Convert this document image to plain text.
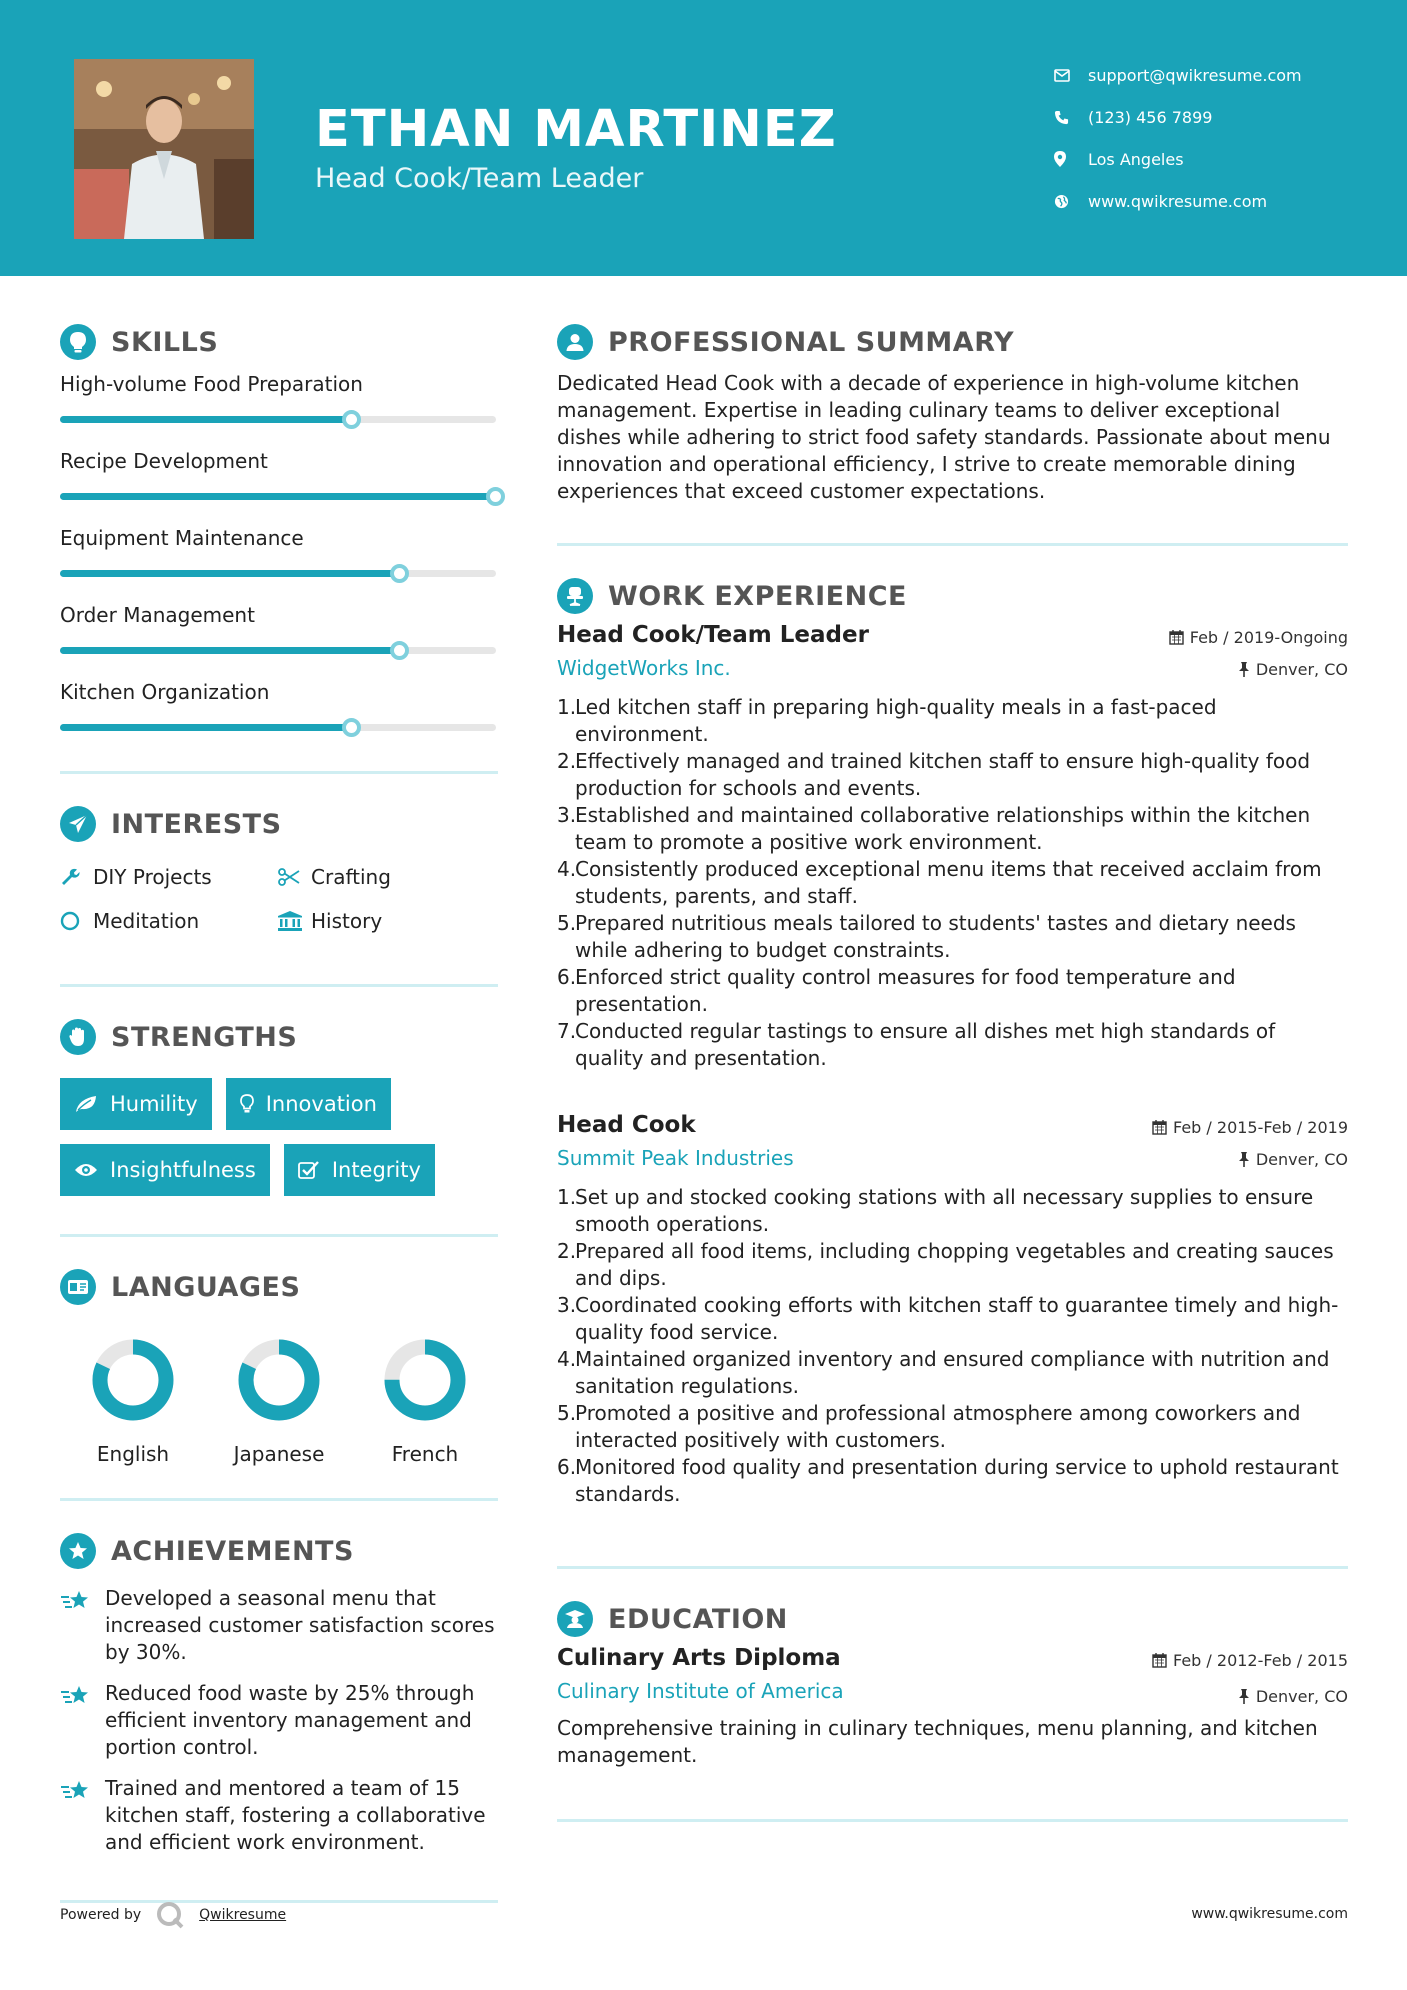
ETHAN MARTINEZ
Head Cook/Team Leader
support@qwikresume.com
(123) 456 7899
Los Angeles
www.qwikresume.com
SKILLS
High-volume Food Preparation
Recipe Development
Equipment Maintenance
Order Management
Kitchen Organization
INTERESTS
DIY Projects	Crafting
Meditation	History
STRENGTHS
Humility	Innovation
Insightfulness	Integrity
LANGUAGES
English	Japanese	French
ACHIEVEMENTS
Developed a seasonal menu that increased customer satisfaction scores by 30%.
Reduced food waste by 25% through efficient inventory management and portion control.
Trained and mentored a team of 15 kitchen staff, fostering a collaborative and efficient work environment.
PROFESSIONAL SUMMARY

Dedicated Head Cook with a decade of experience in high-volume kitchen management. Expertise in leading culinary teams to deliver exceptional dishes while adhering to strict food safety standards. Passionate about menu innovation and operational efficiency, I strive to create memorable dining experiences that exceed customer expectations.

WORK EXPERIENCE
Head Cook/Team Leader
WidgetWorks Inc.
Feb / 2019-Ongoing
Denver, CO
1.
Led kitchen staff in preparing high-quality meals in a fast-paced environment.
2.
Effectively managed and trained kitchen staff to ensure high-quality food production for schools and events.
3.
Established and maintained collaborative relationships within the kitchen team to promote a positive work environment.
4.
Consistently produced exceptional menu items that received acclaim from students, parents, and staff.
5.
Prepared nutritious meals tailored to students' tastes and dietary needs while adhering to budget constraints.
6.
Enforced strict quality control measures for food temperature and presentation.
7.
Conducted regular tastings to ensure all dishes met high standards of quality and presentation.
Head Cook
Summit Peak Industries
Feb / 2015-Feb / 2019
Denver, CO
1.
Set up and stocked cooking stations with all necessary supplies to ensure smooth operations.
2.
Prepared all food items, including chopping vegetables and creating sauces and dips.
3.
Coordinated cooking efforts with kitchen staff to guarantee timely and high-quality food service.
4.
Maintained organized inventory and ensured compliance with nutrition and sanitation regulations.
5.
Promoted a positive and professional atmosphere among coworkers and interacted positively with customers.
6.
Monitored food quality and presentation during service to uphold restaurant standards.
EDUCATION
Culinary Arts Diploma
Culinary Institute of America
Feb / 2012-Feb / 2015
Denver, CO

Comprehensive training in culinary techniques, menu planning, and kitchen management.

Powered by	Qwikresume	www.qwikresume.com
